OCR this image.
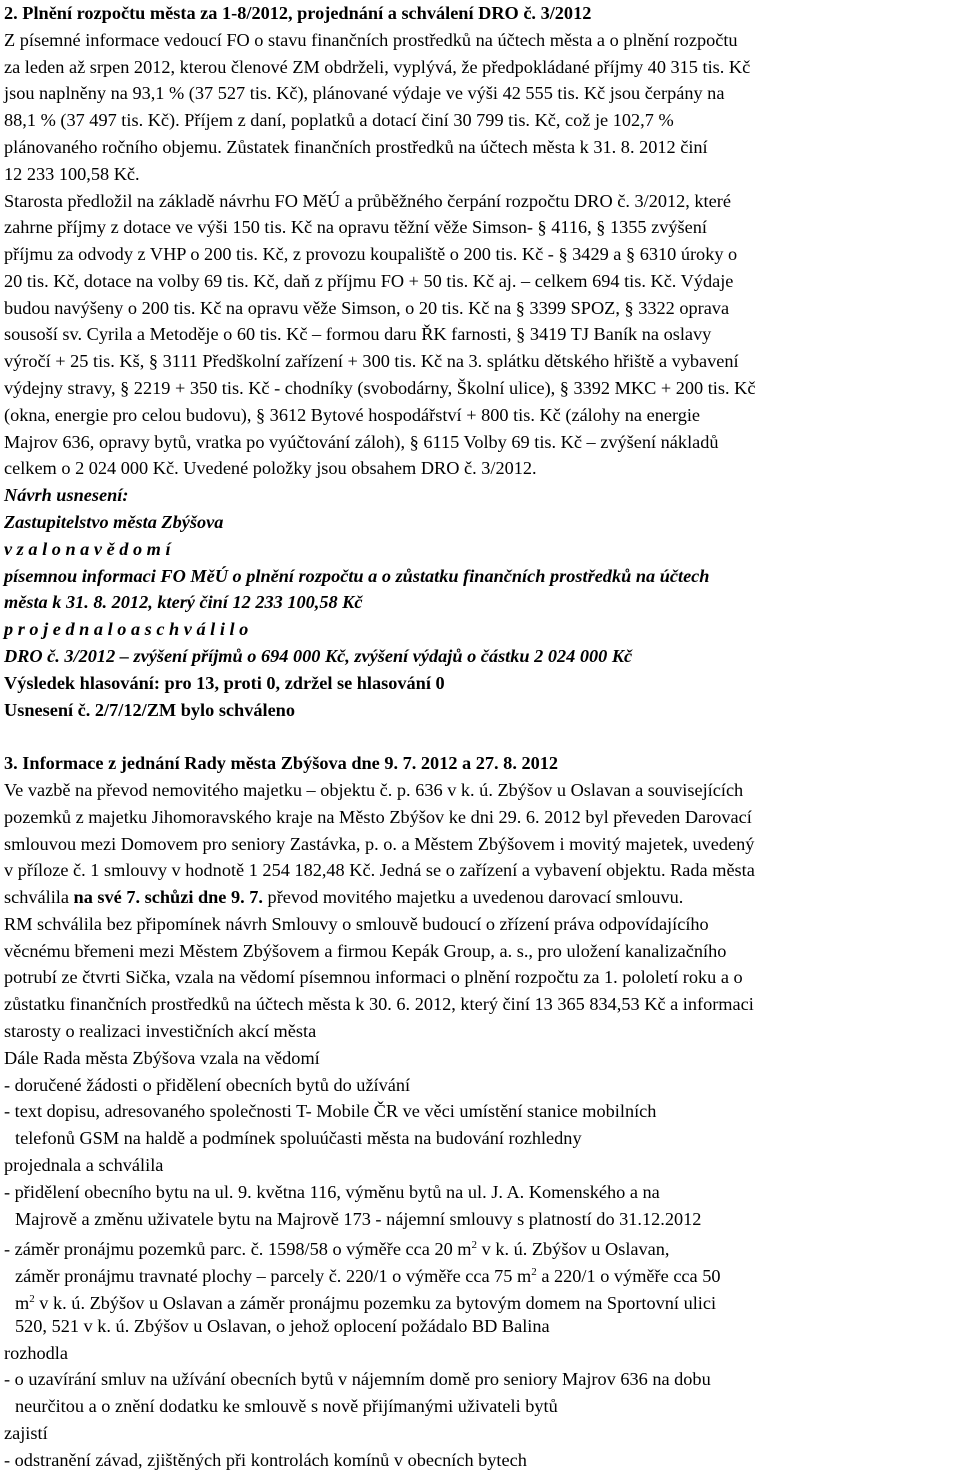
2. Plnění rozpočtu města za 1-8/2012, projednání a schválení DRO č. 3/2012
Z písemné informace vedoucí FO o stavu finančních prostředků na účtech města a o plnění rozpočtu
za leden až srpen 2012, kterou členové ZM obdrželi, vyplývá, že předpokládané příjmy 40 315 tis. Kč
jsou naplněny na 93,1 % (37 527 tis. Kč), plánované výdaje ve výši 42 555 tis. Kč jsou čerpány na
88,1 % (37 497 tis. Kč). Příjem z daní, poplatků a dotací činí 30 799 tis. Kč, což je 102,7 %
plánovaného ročního objemu. Zůstatek finančních prostředků na účtech města k 31. 8. 2012 činí
12 233 100,58 Kč.
Starosta předložil na základě návrhu FO MěÚ a průběžného čerpání rozpočtu DRO č. 3/2012, které
zahrne příjmy z dotace ve výši 150 tis. Kč na opravu těžní věže Simson- § 4116, § 1355 zvýšení
příjmu za odvody z VHP o 200 tis. Kč, z provozu koupaliště o 200 tis. Kč - § 3429 a § 6310 úroky o
20 tis. Kč, dotace na volby 69 tis. Kč, daň z příjmu FO + 50 tis. Kč aj. – celkem 694 tis. Kč. Výdaje
budou navýšeny o 200 tis. Kč na opravu věže Simson, o 20 tis. Kč na § 3399 SPOZ, § 3322 oprava
sousoší sv. Cyrila a Metoděje o 60 tis. Kč – formou daru ŘK farnosti, § 3419 TJ Baník na oslavy
výročí + 25 tis. Kš, § 3111 Předškolní zařízení + 300 tis. Kč na 3. splátku dětského hřiště a vybavení
výdejny stravy, § 2219 + 350 tis. Kč - chodníky (svobodárny, Školní ulice), § 3392 MKC + 200 tis. Kč
(okna, energie pro celou budovu), § 3612 Bytové hospodářství + 800 tis. Kč (zálohy na energie
Majrov 636, opravy bytů, vratka po vyúčtování záloh), § 6115 Volby 69 tis. Kč – zvýšení nákladů
celkem o 2 024 000 Kč. Uvedené položky jsou obsahem DRO č. 3/2012.
Návrh usnesení:
Zastupitelstvo města Zbýšova
v z a l o n a v ě d o m í
písemnou informaci FO MěÚ o plnění rozpočtu a o zůstatku finančních prostředků na účtech
města k 31. 8. 2012, který činí 12 233 100,58 Kč
p r o j e d n a l o a s c h v á l i l o
DRO č. 3/2012 – zvýšení příjmů o 694 000 Kč, zvýšení výdajů o částku 2 024 000 Kč
Výsledek hlasování: pro 13, proti 0, zdržel se hlasování 0
Usnesení č. 2/7/12/ZM bylo schváleno
3. Informace z jednání Rady města Zbýšova dne 9. 7. 2012 a 27. 8. 2012
Ve vazbě na převod nemovitého majetku – objektu č. p. 636 v k. ú. Zbýšov u Oslavan a souvisejících
pozemků z majetku Jihomoravského kraje na Město Zbýšov ke dni 29. 6. 2012 byl převeden Darovací
smlouvou mezi Domovem pro seniory Zastávka, p. o. a Městem Zbýšovem i movitý majetek, uvedený
v příloze č. 1 smlouvy v hodnotě 1 254 182,48 Kč. Jedná se o zařízení a vybavení objektu. Rada města
schválila na své 7. schůzi dne 9. 7. převod movitého majetku a uvedenou darovací smlouvu.
RM schválila bez připomínek návrh Smlouvy o smlouvě budoucí o zřízení práva odpovídajícího
věcnému břemeni mezi Městem Zbýšovem a firmou Kepák Group, a. s., pro uložení kanalizačního
potrubí ze čtvrti Sička, vzala na vědomí písemnou informaci o plnění rozpočtu za 1. pololetí roku a o
zůstatku finančních prostředků na účtech města k 30. 6. 2012, který činí 13 365 834,53 Kč a informaci
starosty o realizaci investičních akcí města
Dále Rada města Zbýšova vzala na vědomí
- doručené žádosti o přidělení obecních bytů do užívání
- text dopisu, adresovaného společnosti T- Mobile ČR ve věci umístění stanice mobilních
telefonů GSM na haldě a podmínek spoluúčasti města na budování rozhledny
projednala a schválila
- přidělení obecního bytu na ul. 9. května 116, výměnu bytů na ul. J. A. Komenského a na
Majrově a změnu uživatele bytu na Majrově 173 - nájemní smlouvy s platností do 31.12.2012
- záměr pronájmu pozemků parc. č. 1598/58 o výměře cca 20 $m^2$ v k. ú. Zbýšov u Oslavan,
záměr pronájmu travnaté plochy – parcely č. 220/1 o výměře cca 75 $m^2$ a 220/1 o výměře cca 50
$m^2$ v k. ú. Zbýšov u Oslavan a záměr pronájmu pozemku za bytovým domem na Sportovní ulici
520, 521 v k. ú. Zbýšov u Oslavan, o jehož oplocení požádalo BD Balina
rozhodla
- o uzavírání smluv na užívání obecních bytů v nájemním domě pro seniory Majrov 636 na dobu
neurčitou a o znění dodatku ke smlouvě s nově přijímanými uživateli bytů
zajistí
- odstranění závad, zjištěných při kontrolách komínů v obecních bytech
